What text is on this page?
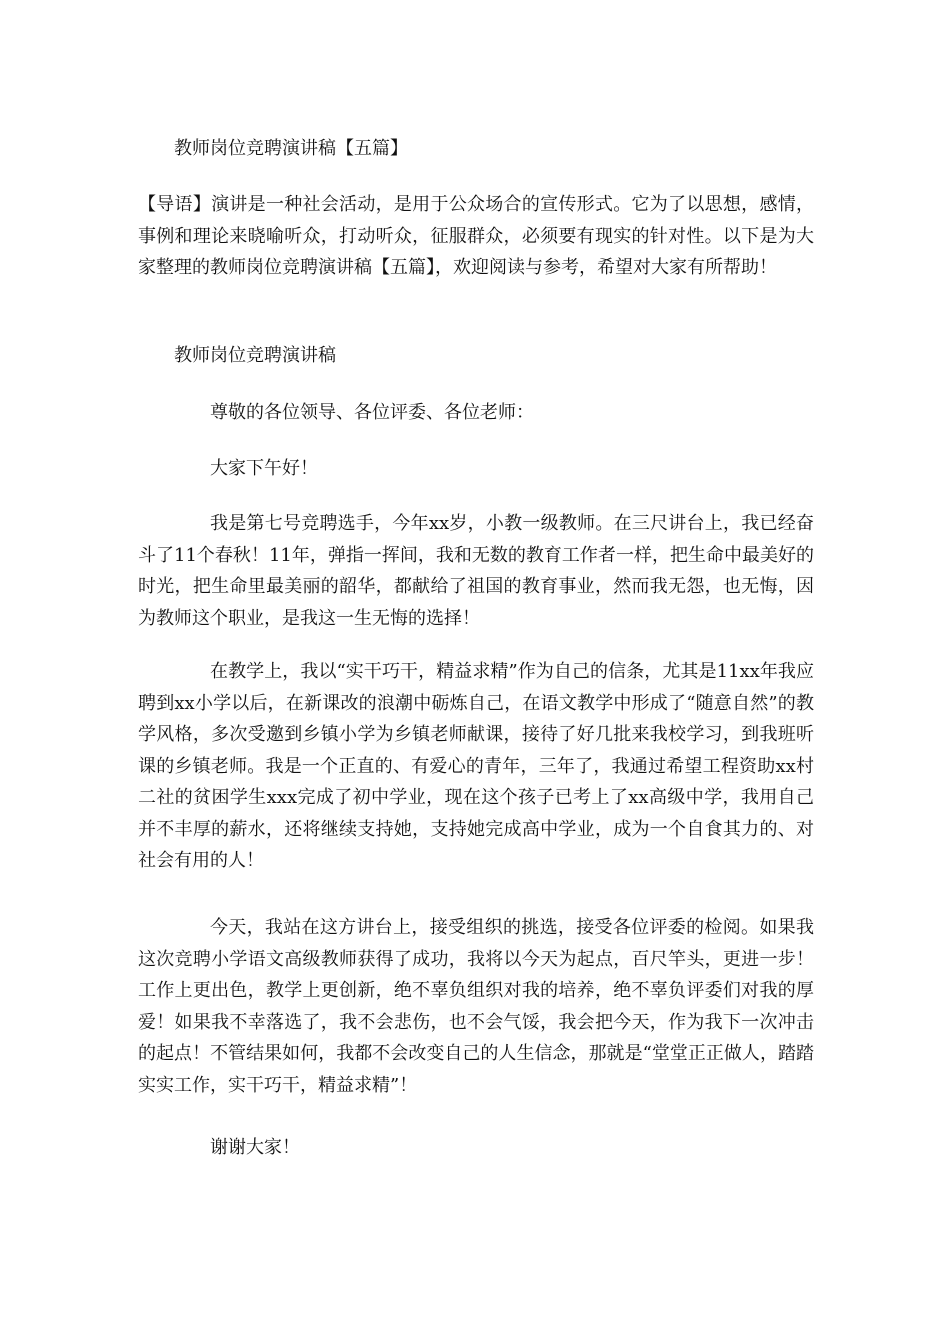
教师岗位竞聘演讲稿【五篇】
【导语】演讲是一种社会活动，是用于公众场合的宣传形式。它为了以思想，感情，事例和理论来晓喻听众，打动听众，征服群众，必须要有现实的针对性。以下是为大家整理的教师岗位竞聘演讲稿【五篇】，欢迎阅读与参考，希望对大家有所帮助！
教师岗位竞聘演讲稿
尊敬的各位领导、各位评委、各位老师：
大家下午好！
我是第七号竞聘选手，今年xx岁，小教一级教师。在三尺讲台上，我已经奋斗了11个春秋！11年，弹指一挥间，我和无数的教育工作者一样，把生命中最美好的时光，把生命里最美丽的韶华，都献给了祖国的教育事业，然而我无怨，也无悔，因为教师这个职业，是我这一生无悔的选择！
在教学上，我以“实干巧干，精益求精”作为自己的信条，尤其是11xx年我应聘到xx小学以后，在新课改的浪潮中砺炼自己，在语文教学中形成了“随意自然”的教学风格，多次受邀到乡镇小学为乡镇老师献课，接待了好几批来我校学习，到我班听课的乡镇老师。我是一个正直的、有爱心的青年，三年了，我通过希望工程资助xx村二社的贫困学生xxx完成了初中学业，现在这个孩子已考上了xx高级中学，我用自己并不丰厚的薪水，还将继续支持她，支持她完成高中学业，成为一个自食其力的、对社会有用的人！
今天，我站在这方讲台上，接受组织的挑选，接受各位评委的检阅。如果我这次竞聘小学语文高级教师获得了成功，我将以今天为起点，百尺竿头，更进一步！工作上更出色，教学上更创新，绝不辜负组织对我的培养，绝不辜负评委们对我的厚爱！如果我不幸落选了，我不会悲伤，也不会气馁，我会把今天，作为我下一次冲击的起点！不管结果如何，我都不会改变自己的人生信念，那就是“堂堂正正做人，踏踏实实工作，实干巧干，精益求精”！
谢谢大家！
